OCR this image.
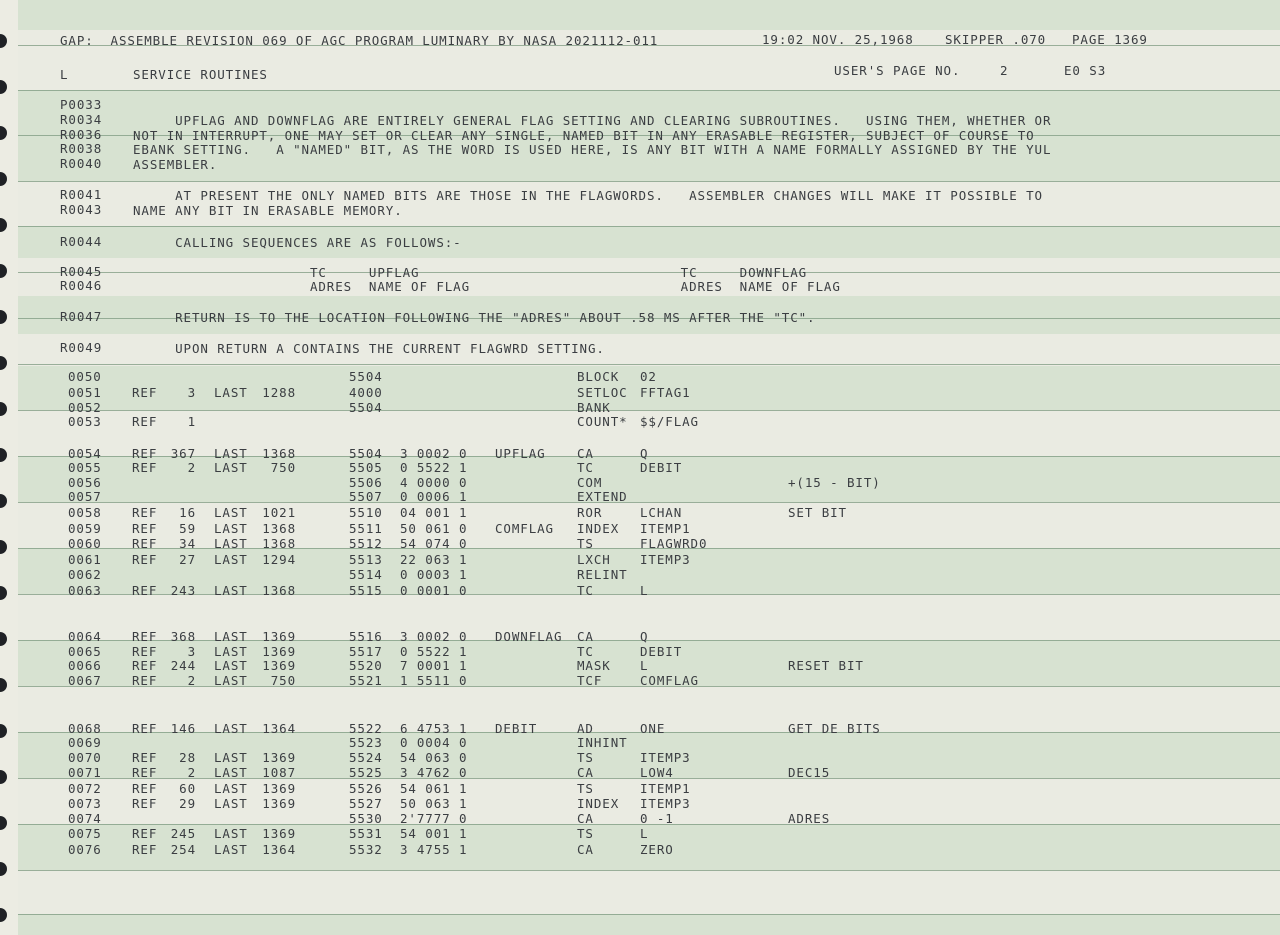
GAP:  ASSEMBLE REVISION 069 OF AGC PROGRAM LUMINARY BY NASA 2021112-011	19:02 NOV. 25,1968	SKIPPER .070 PAGE 1369
L	SERVICE ROUTINES	USER'S PAGE NO.	2	E0 S3
P0033
R0034 UPFLAG AND DOWNFLAG ARE ENTIRELY GENERAL FLAG SETTING AND CLEARING SUBROUTINES.   USING THEM, WHETHER OR
R0036 NOT IN INTERRUPT, ONE MAY SET OR CLEAR ANY SINGLE, NAMED BIT IN ANY ERASABLE REGISTER, SUBJECT OF COURSE TO
R0038 EBANK SETTING.   A "NAMED" BIT, AS THE WORD IS USED HERE, IS ANY BIT WITH A NAME FORMALLY ASSIGNED BY THE YUL
R0040 ASSEMBLER.
R0041 AT PRESENT THE ONLY NAMED BITS ARE THOSE IN THE FLAGWORDS.   ASSEMBLER CHANGES WILL MAKE IT POSSIBLE TO
R0043 NAME ANY BIT IN ERASABLE MEMORY.
R0044 CALLING SEQUENCES ARE AS FOLLOWS:-
R0045 TC     UPFLAG                               TC     DOWNFLAG
R0046 ADRES  NAME OF FLAG                         ADRES  NAME OF FLAG
R0047 RETURN IS TO THE LOCATION FOLLOWING THE "ADRES" ABOUT .58 MS AFTER THE "TC".
R0049 UPON RETURN A CONTAINS THE CURRENT FLAGWRD SETTING.
0050	5504	BLOCK 02
0051 REF	3 LAST	1288	4000	SETLOC FFTAG1
0052	5504	BANK
0053 REF	1	COUNT* $$/FLAG
0054 REF	367 LAST	1368	5504 3 0002 0 UPFLAG	CA	Q
0055 REF	2 LAST	750	5505 0 5522 1	TC	DEBIT
0056	5506 4 0000 0	COM	+(15 - BIT)
0057	5507 0 0006 1	EXTEND
0058 REF	16 LAST	1021	5510 04 001 1	ROR	LCHAN	SET BIT
0059 REF	59 LAST	1368	5511 50 061 0 COMFLAG INDEX ITEMP1
0060 REF	34 LAST	1368	5512 54 074 0	TS	FLAGWRD0
0061 REF	27 LAST	1294	5513 22 063 1	LXCH ITEMP3
0062	5514 0 0003 1	RELINT
0063 REF	243 LAST	1368	5515 0 0001 0	TC	L
0064 REF	368 LAST	1369	5516 3 0002 0 DOWNFLAG CA	Q
0065 REF	3 LAST	1369	5517 0 5522 1	TC	DEBIT
0066 REF	244 LAST	1369	5520 7 0001 1	MASK L	RESET BIT
0067 REF	2 LAST	750	5521 1 5511 0	TCF	COMFLAG
0068 REF	146 LAST	1364	5522 6 4753 1 DEBIT	AD	ONE	GET DE BITS
0069	5523 0 0004 0	INHINT
0070 REF	28 LAST	1369	5524 54 063 0	TS	ITEMP3
0071 REF	2 LAST	1087	5525 3 4762 0	CA	LOW4	DEC15
0072 REF	60 LAST	1369	5526 54 061 1	TS	ITEMP1
0073 REF	29 LAST	1369	5527 50 063 1	INDEX ITEMP3
0074	5530 2'7777 0	CA	0 -1	ADRES
0075 REF	245 LAST	1369	5531 54 001 1	TS	L
0076 REF	254 LAST	1364	5532 3 4755 1	CA	ZERO
